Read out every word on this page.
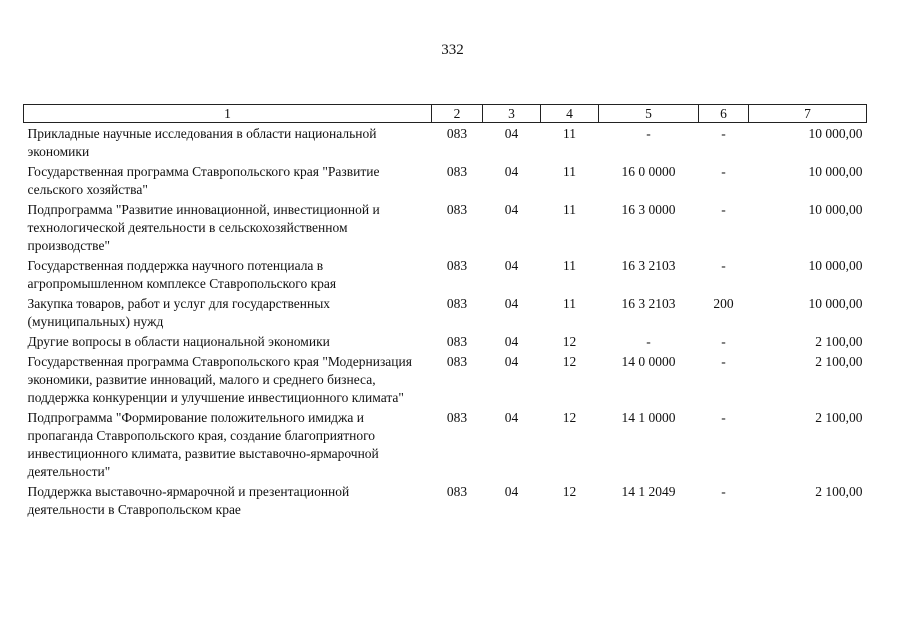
332
1	2	3	4	5	6	7
Прикладные научные исследования в области национальной экономики	083	04	11	-	-	10 000,00
Государственная программа Ставропольского края "Развитие сельского хозяйства"	083	04	11	16 0 0000	-	10 000,00
Подпрограмма "Развитие инновационной, инвестиционной и технологической деятельности в сельскохозяйственном производстве"	083	04	11	16 3 0000	-	10 000,00
Государственная поддержка научного потенциала в агропромышленном комплексе Ставропольского края	083	04	11	16 3 2103	-	10 000,00
Закупка товаров, работ и услуг для государственных (муниципальных) нужд	083	04	11	16 3 2103	200	10 000,00
Другие вопросы в области национальной экономики	083	04	12	-	-	2 100,00
Государственная программа Ставропольского края "Модернизация экономики, развитие инноваций, малого и среднего бизнеса, поддержка конкуренции и улучшение инвестиционного климата"	083	04	12	14 0 0000	-	2 100,00
Подпрограмма "Формирование положительного имиджа и пропаганда Ставропольского края, создание благоприятного инвестиционного климата, развитие выставочно-ярмарочной деятельности"	083	04	12	14 1 0000	-	2 100,00
Поддержка выставочно-ярмарочной и презентационной деятельности в Ставропольском крае	083	04	12	14 1 2049	-	2 100,00
